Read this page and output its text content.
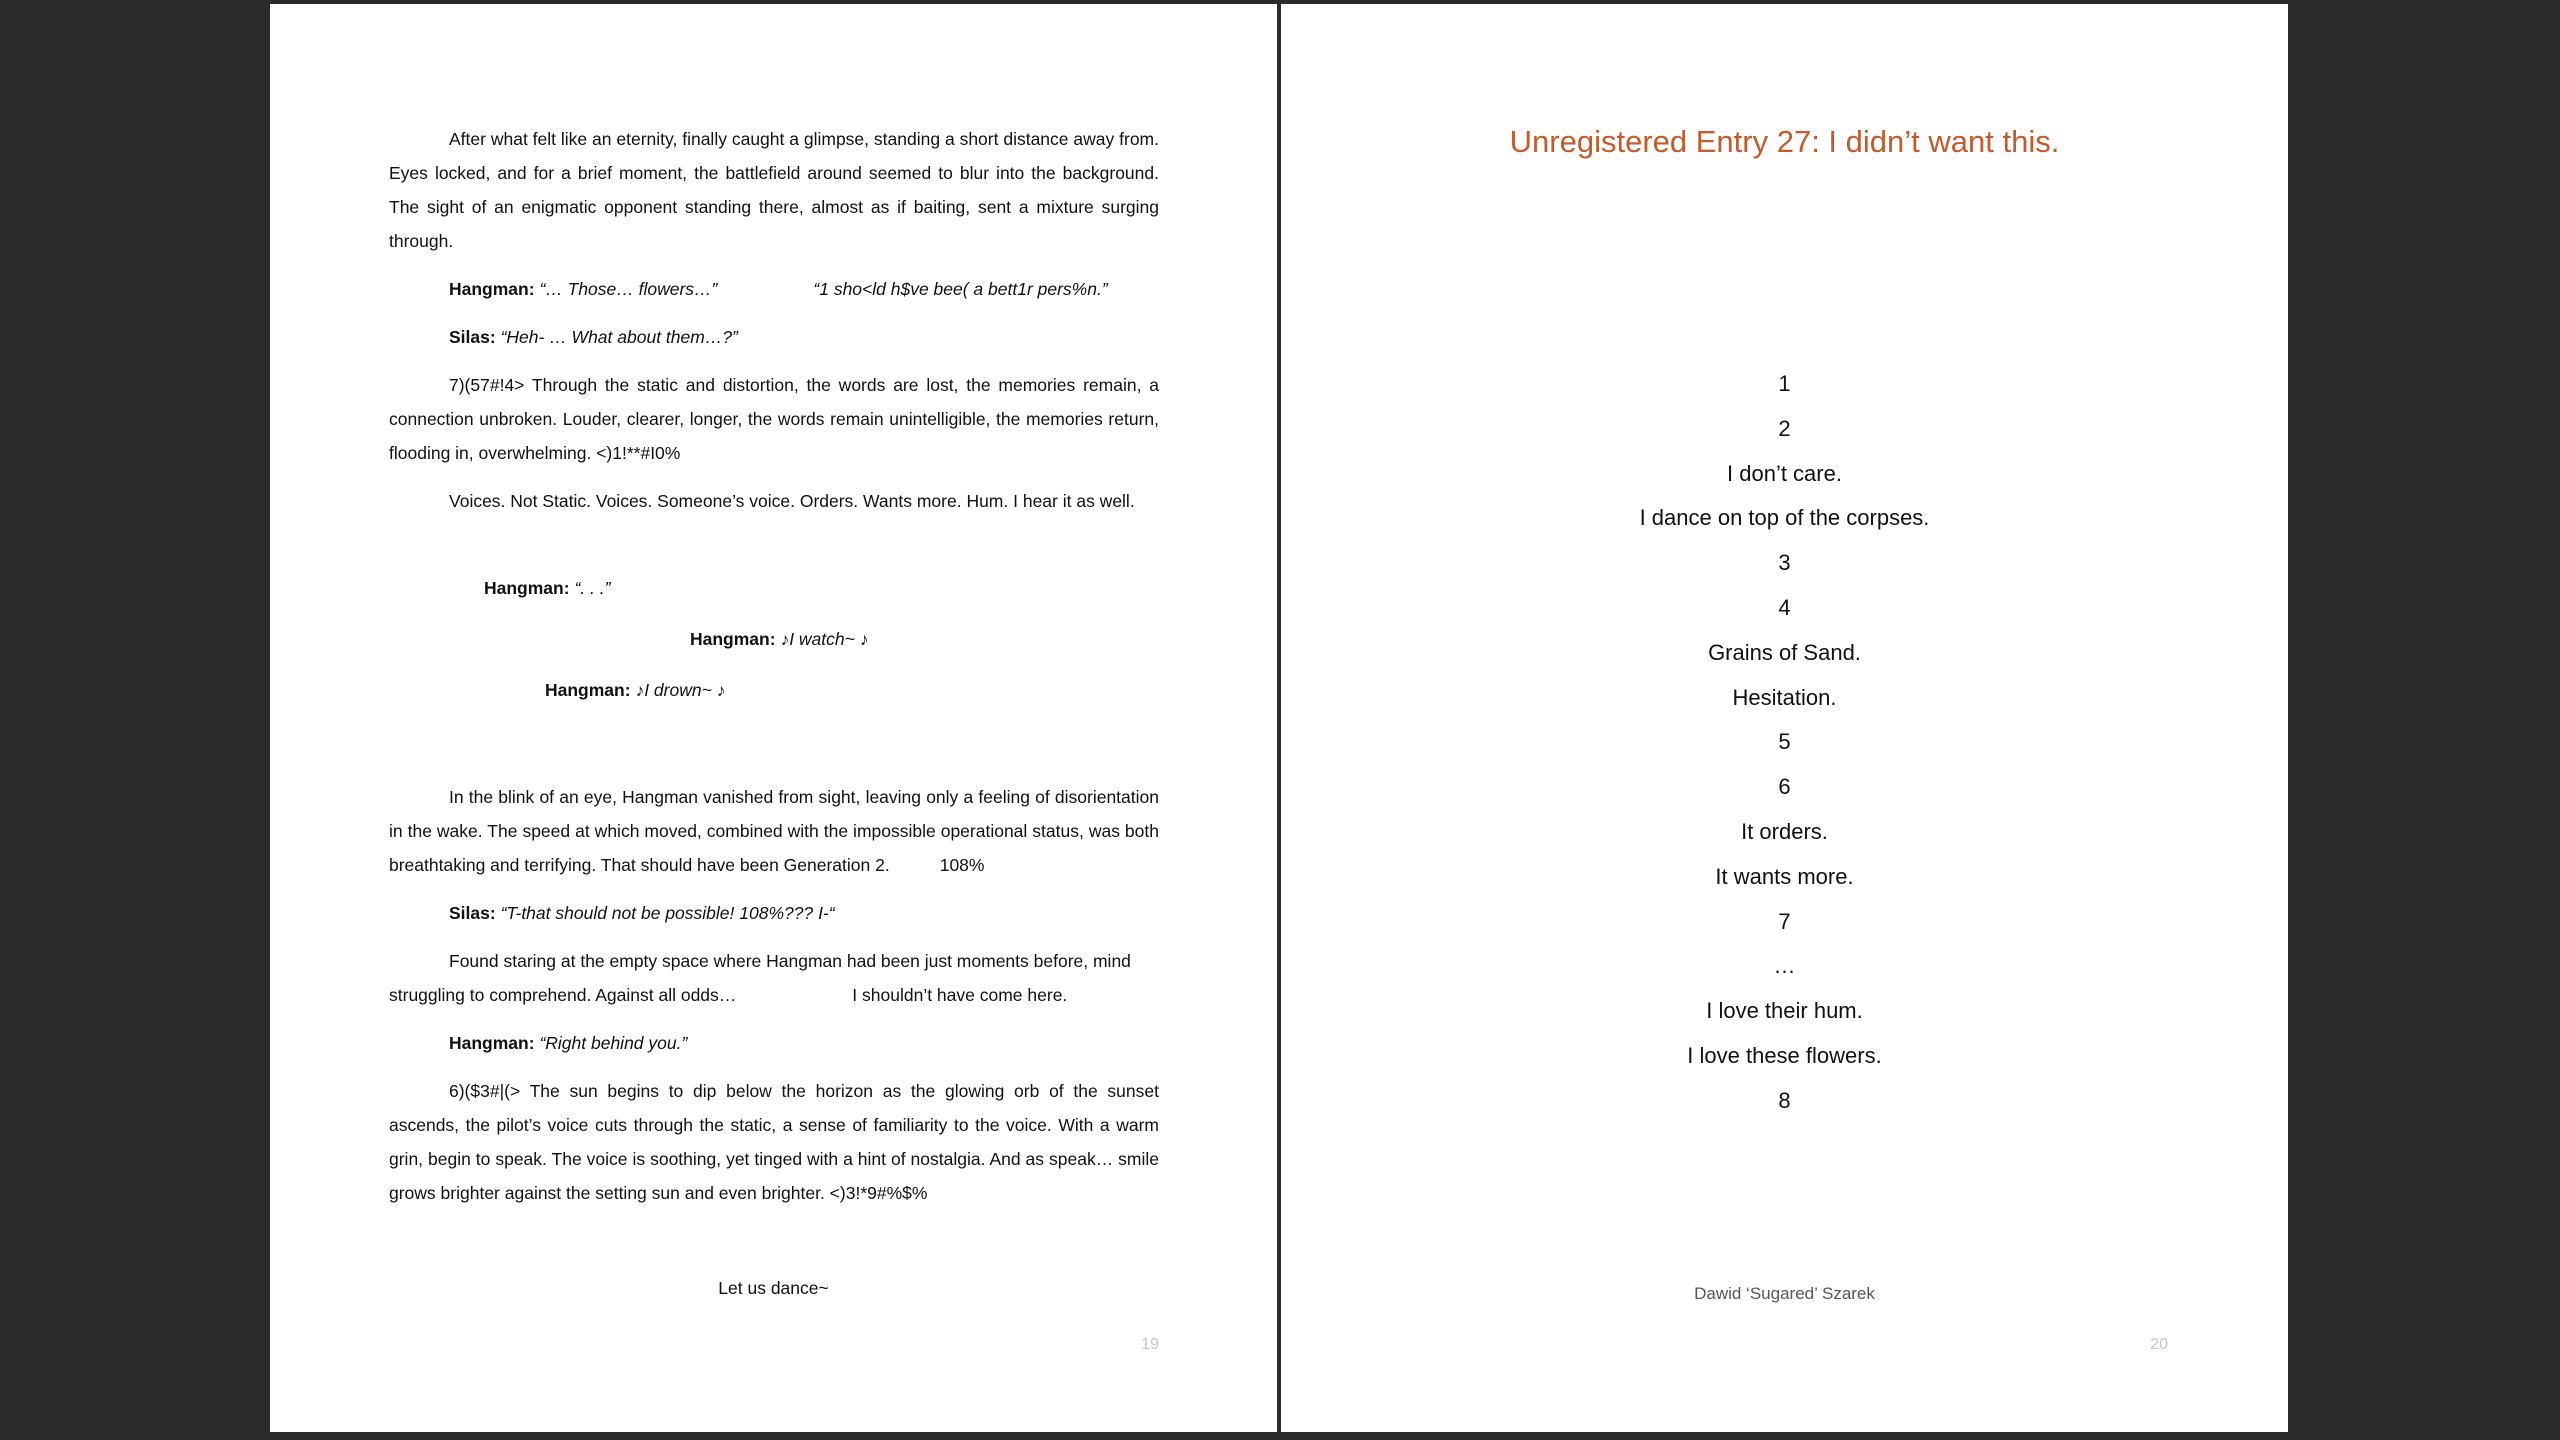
After what felt like an eternity, finally caught a glimpse, standing a short distance away from. Eyes locked, and for a brief moment, the battlefield around seemed to blur into the background. The sight of an enigmatic opponent standing there, almost as if baiting, sent a mixture surging through.

Hangman: “… Those… flowers…”	“1 sho<ld h$ve bee( a bett1r pers%n.”

Silas: “Heh- … What about them…?”

7)(57#!4> Through the static and distortion, the words are lost, the memories remain, a connection unbroken. Louder, clearer, longer, the words remain unintelligible, the memories return, flooding in, overwhelming. <)1!**#I0%

Voices. Not Static. Voices. Someone’s voice. Orders. Wants more. Hum. I hear it as well.

Hangman: “. . .”
Hangman: ♪I watch~ ♪
Hangman: ♪I drown~ ♪

In the blink of an eye, Hangman vanished from sight, leaving only a feeling of disorientation in the wake. The speed at which moved, combined with the impossible operational status, was both breathtaking and terrifying. That should have been Generation 2.	108%

Silas: “T-that should not be possible! 108%??? I-“

Found staring at the empty space where Hangman had been just moments before, mind struggling to comprehend. Against all odds…	I shouldn’t have come here.

Hangman: “Right behind you.”

6)($3#|(> The sun begins to dip below the horizon as the glowing orb of the sunset ascends, the pilot’s voice cuts through the static, a sense of familiarity to the voice. With a warm grin, begin to speak. The voice is soothing, yet tinged with a hint of nostalgia. And as speak… smile grows brighter against the setting sun and even brighter. <)3!*9#%$%

Let us dance~
19
Unregistered Entry 27: I didn’t want this.
1
2
I don’t care.
I dance on top of the corpses.
3
4
Grains of Sand.
Hesitation.
5
6
It orders.
It wants more.
7
…
I love their hum.
I love these flowers.
8
Dawid ‘Sugared’ Szarek
20
